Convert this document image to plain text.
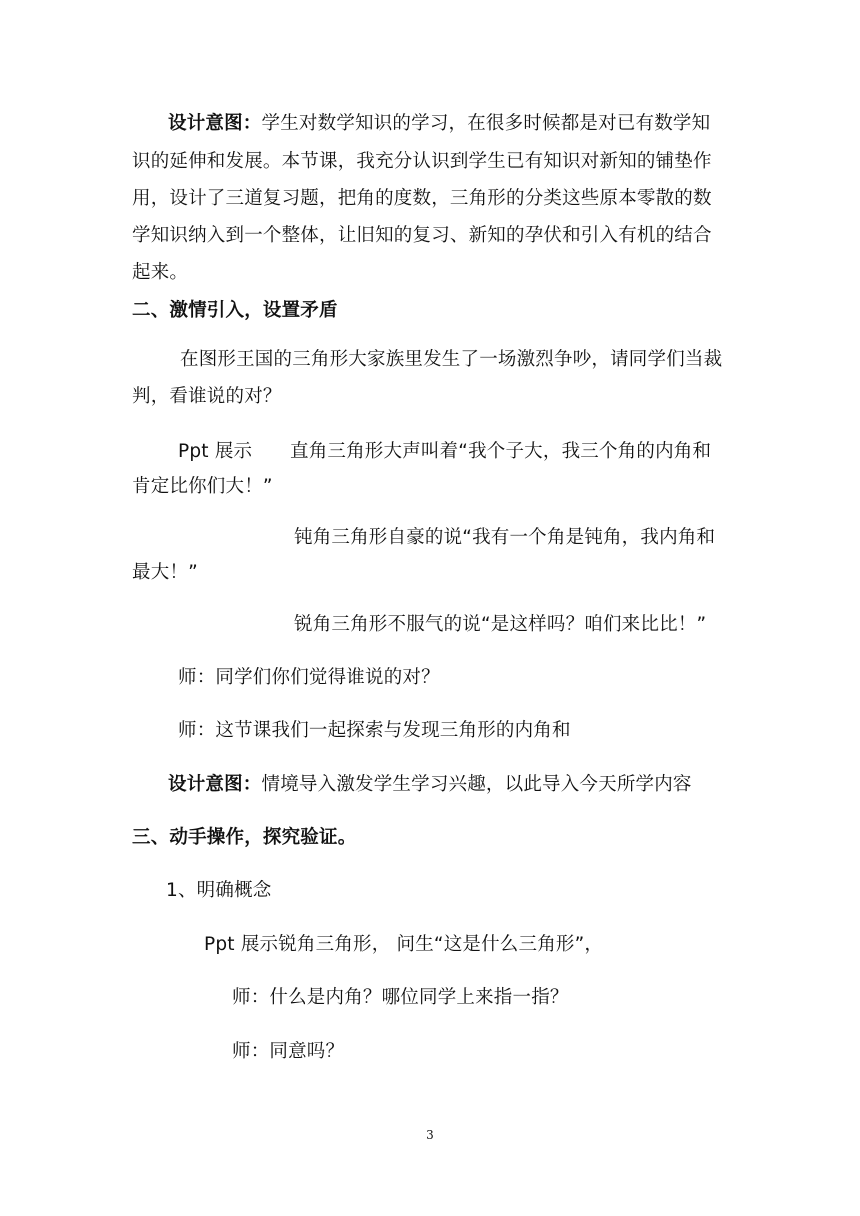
设计意图：学生对数学知识的学习，在很多时候都是对已有数学知
识的延伸和发展。本节课，我充分认识到学生已有知识对新知的铺垫作
用，设计了三道复习题，把角的度数，三角形的分类这些原本零散的数
学知识纳入到一个整体，让旧知的复习、新知的孕伏和引入有机的结合
起来。
二、激情引入，设置矛盾
在图形王国的三角形大家族里发生了一场激烈争吵，请同学们当裁
判，看谁说的对？
Ppt 展示	直角三角形大声叫着“我个子大，我三个角的内角和
肯定比你们大！”
钝角三角形自豪的说“我有一个角是钝角，我内角和
最大！”
锐角三角形不服气的说“是这样吗？咱们来比比！”
师：同学们你们觉得谁说的对？
师：这节课我们一起探索与发现三角形的内角和
设计意图：情境导入激发学生学习兴趣，以此导入今天所学内容
三、动手操作，探究验证。
1、明确概念
Ppt 展示锐角三角形， 问生“这是什么三角形”，
师：什么是内角？哪位同学上来指一指？
师：同意吗？
3
